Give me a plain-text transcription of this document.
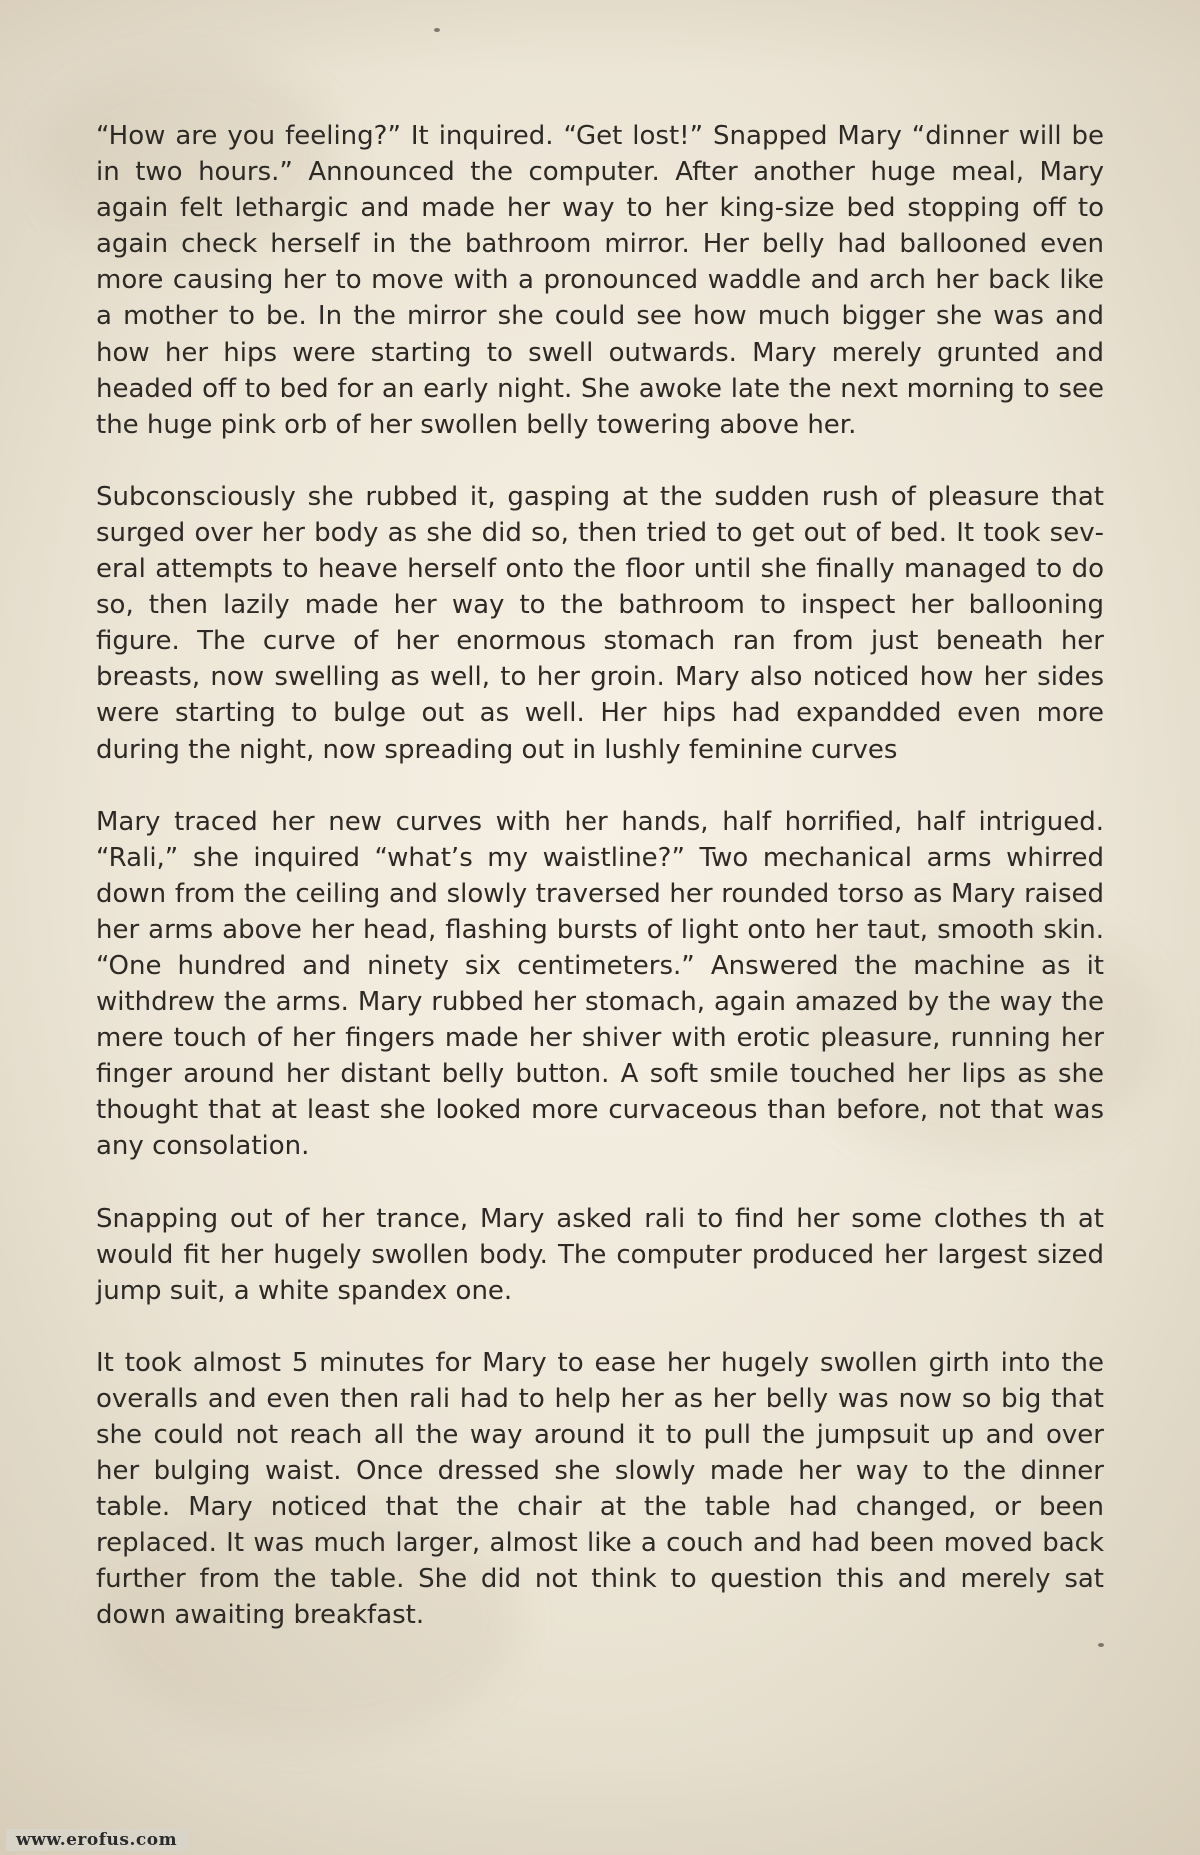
“How are you feeling?” It inquired. “Get lost!” Snapped Mary “dinner will be in two hours.” Announced the computer. After another huge meal, Mary again felt lethargic and made her way to her king-size bed stopping off to again check herself in the bathroom mirror. Her belly had ballooned even more causing her to move with a pronounced waddle and arch her back like a mother to be. In the mirror she could see how much bigger she was and how her hips were starting to swell outwards. Mary merely grunted and headed off to bed for an early night. She awoke late the next morning to see the huge pink orb of her swollen belly towering above her.

Subconsciously she rubbed it, gasping at the sudden rush of pleasure that surged over her body as she did so, then tried to get out of bed. It took several attempts to heave herself onto the floor until she finally managed to do so, then lazily made her way to the bathroom to inspect her ballooning figure. The curve of her enormous stomach ran from just beneath her breasts, now swelling as well, to her groin. Mary also noticed how her sides were starting to bulge out as well. Her hips had expandded even more during the night, now spreading out in lushly feminine curves

Mary traced her new curves with her hands, half horrified, half intrigued. “Rali,” she inquired “what’s my waistline?” Two mechanical arms whirred down from the ceiling and slowly traversed her rounded torso as Mary raised her arms above her head, flashing bursts of light onto her taut, smooth skin. “One hundred and ninety six centimeters.” Answered the machine as it withdrew the arms. Mary rubbed her stomach, again amazed by the way the mere touch of her fingers made her shiver with erotic pleasure, running her finger around her distant belly button. A soft smile touched her lips as she thought that at least she looked more curvaceous than before, not that was any consolation.

Snapping out of her trance, Mary asked rali to find her some clothes th at would fit her hugely swollen body. The computer produced her largest sized jump suit, a white spandex one.

It took almost 5 minutes for Mary to ease her hugely swollen girth into the overalls and even then rali had to help her as her belly was now so big that she could not reach all the way around it to pull the jumpsuit up and over her bulging waist. Once dressed she slowly made her way to the dinner table. Mary noticed that the chair at the table had changed, or been replaced. It was much larger, almost like a couch and had been moved back further from the table. She did not think to question this and merely sat down awaiting breakfast.

www.erofus.com
